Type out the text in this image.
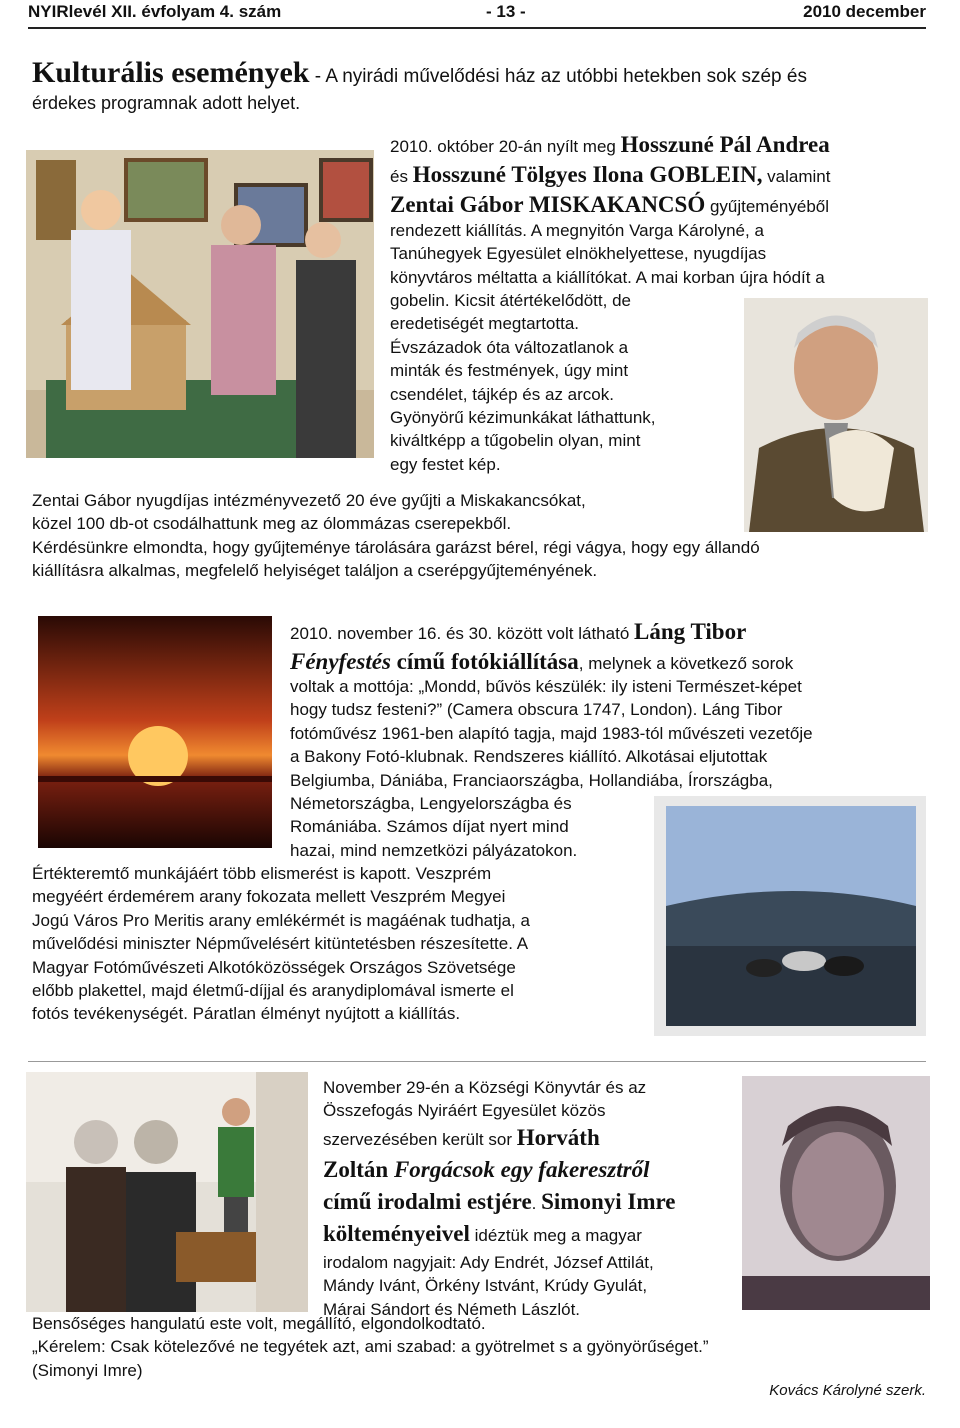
NYIRlevél XII. évfolyam 4. szám	- 13 -	2010 december
Kulturális események - A nyirádi művelődési ház az utóbbi hetekben sok szép és
érdekes programnak adott helyet.
2010. október 20-án nyílt meg Hosszuné Pál Andrea
és Hosszuné Tölgyes Ilona GOBLEIN, valamint
Zentai Gábor MISKAKANCSÓ gyűjteményéből
rendezett kiállítás. A megnyitón Varga Károlyné, a
Tanúhegyek Egyesület elnökhelyettese, nyugdíjas
könyvtáros méltatta a kiállítókat. A mai korban újra hódít a
gobelin. Kicsit átértékelődött, de
eredetiségét megtartotta.
Évszázadok óta változatlanok a
minták és festmények, úgy mint
csendélet, tájkép és az arcok.
Gyönyörű kézimunkákat láthattunk,
kiváltképp a tűgobelin olyan, mint
egy festet kép.
Zentai Gábor nyugdíjas intézményvezető 20 éve gyűjti a Miskakancsókat,
közel 100 db-ot csodálhattunk meg az ólommázas cserepekből.
Kérdésünkre elmondta, hogy gyűjteménye tárolására garázst bérel, régi vágya, hogy egy állandó
kiállításra alkalmas, megfelelő helyiséget találjon a cserépgyűjteményének.
2010. november 16. és 30. között volt látható Láng Tibor
Fényfestés című fotókiállítása, melynek a következő sorok
voltak a mottója: „Mondd, bűvös készülék: ily isteni Természet-képet
hogy tudsz festeni?” (Camera obscura 1747, London). Láng Tibor
fotóművész 1961-ben alapító tagja, majd 1983-tól művészeti vezetője
a Bakony Fotó-klubnak. Rendszeres kiállító. Alkotásai eljutottak
Belgiumba, Dániába, Franciaországba, Hollandiába, Írországba,
Németországba, Lengyelországba és
Romániába. Számos díjat nyert mind
hazai, mind nemzetközi pályázatokon.
Értékteremtő munkájáért több elismerést is kapott. Veszprém
megyéért érdemérem arany fokozata mellett Veszprém Megyei
Jogú Város Pro Meritis arany emlékérmét is magáénak tudhatja, a
művelődési miniszter Népművelésért kitüntetésben részesítette. A
Magyar Fotóművészeti Alkotóközösségek Országos Szövetsége
előbb plakettel, majd életmű-díjjal és aranydiplomával ismerte el
fotós tevékenységét. Páratlan élményt nyújtott a kiállítás.
November 29-én a Községi Könyvtár és az
Összefogás Nyiráért Egyesület közös
szervezésében került sor Horváth
Zoltán Forgácsok egy fakeresztről
című irodalmi estjére. Simonyi Imre
költeményeivel idéztük meg a magyar
irodalom nagyjait: Ady Endrét, József Attilát,
Mándy Ivánt, Örkény Istvánt, Krúdy Gyulát,
Márai Sándort és Németh Lászlót.
Bensőséges hangulatú este volt, megállító, elgondolkodtató.
„Kérelem: Csak kötelezővé ne tegyétek azt, ami szabad: a gyötrelmet s a gyönyörűséget.”
(Simonyi Imre)
Kovács Károlyné szerk.
